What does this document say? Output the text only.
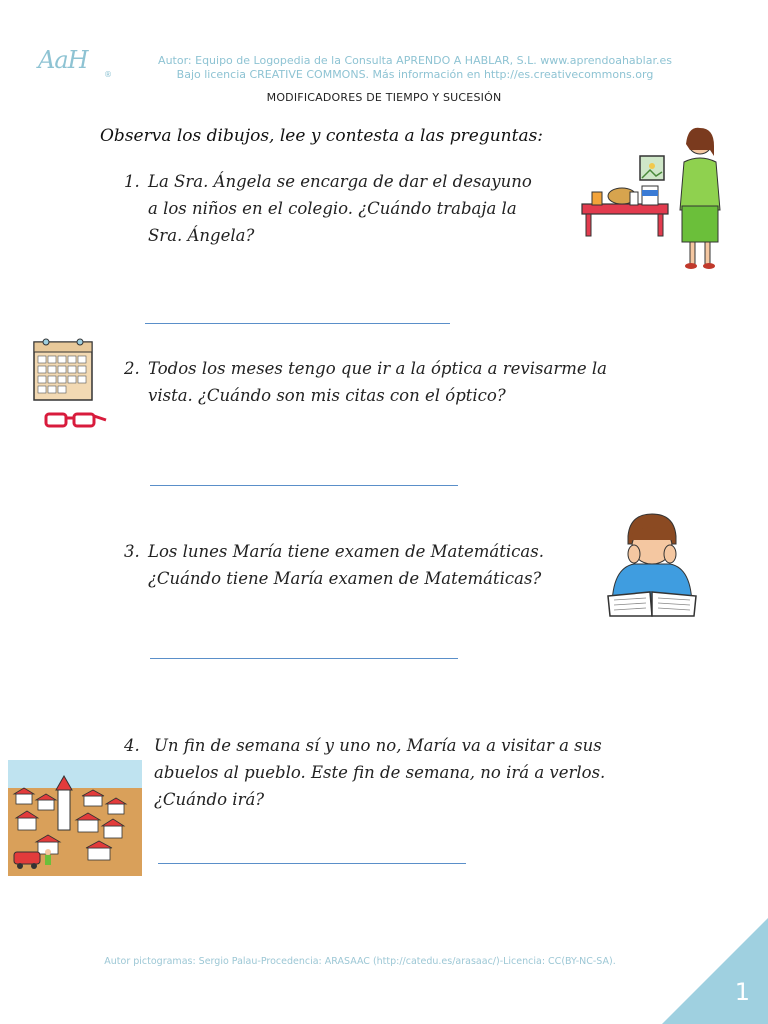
AaH
®
Autor: Equipo de Logopedia de la Consulta APRENDO A HABLAR, S.L. www.aprendoahablar.es
Bajo licencia CREATIVE COMMONS. Más información en http://es.creativecommons.org
MODIFICADORES DE TIEMPO Y SUCESIÓN
Observa los dibujos, lee y contesta a las preguntas:
1. La Sra. Ángela se encarga de dar el desayuno
a los niños en el colegio. ¿Cuándo trabaja la
Sra. Ángela?
2. Todos los meses tengo que ir a la óptica a revisarme la
vista. ¿Cuándo son mis citas con el óptico?
3. Los lunes María tiene examen de Matemáticas.
¿Cuándo tiene María examen de Matemáticas?
4. Un fin de semana sí y uno no, María va a visitar a sus
abuelos al pueblo. Este fin de semana, no irá a verlos.
¿Cuándo irá?
Autor pictogramas: Sergio Palau-Procedencia: ARASAAC (http://catedu.es/arasaac/)-Licencia: CC(BY-NC-SA).
1
